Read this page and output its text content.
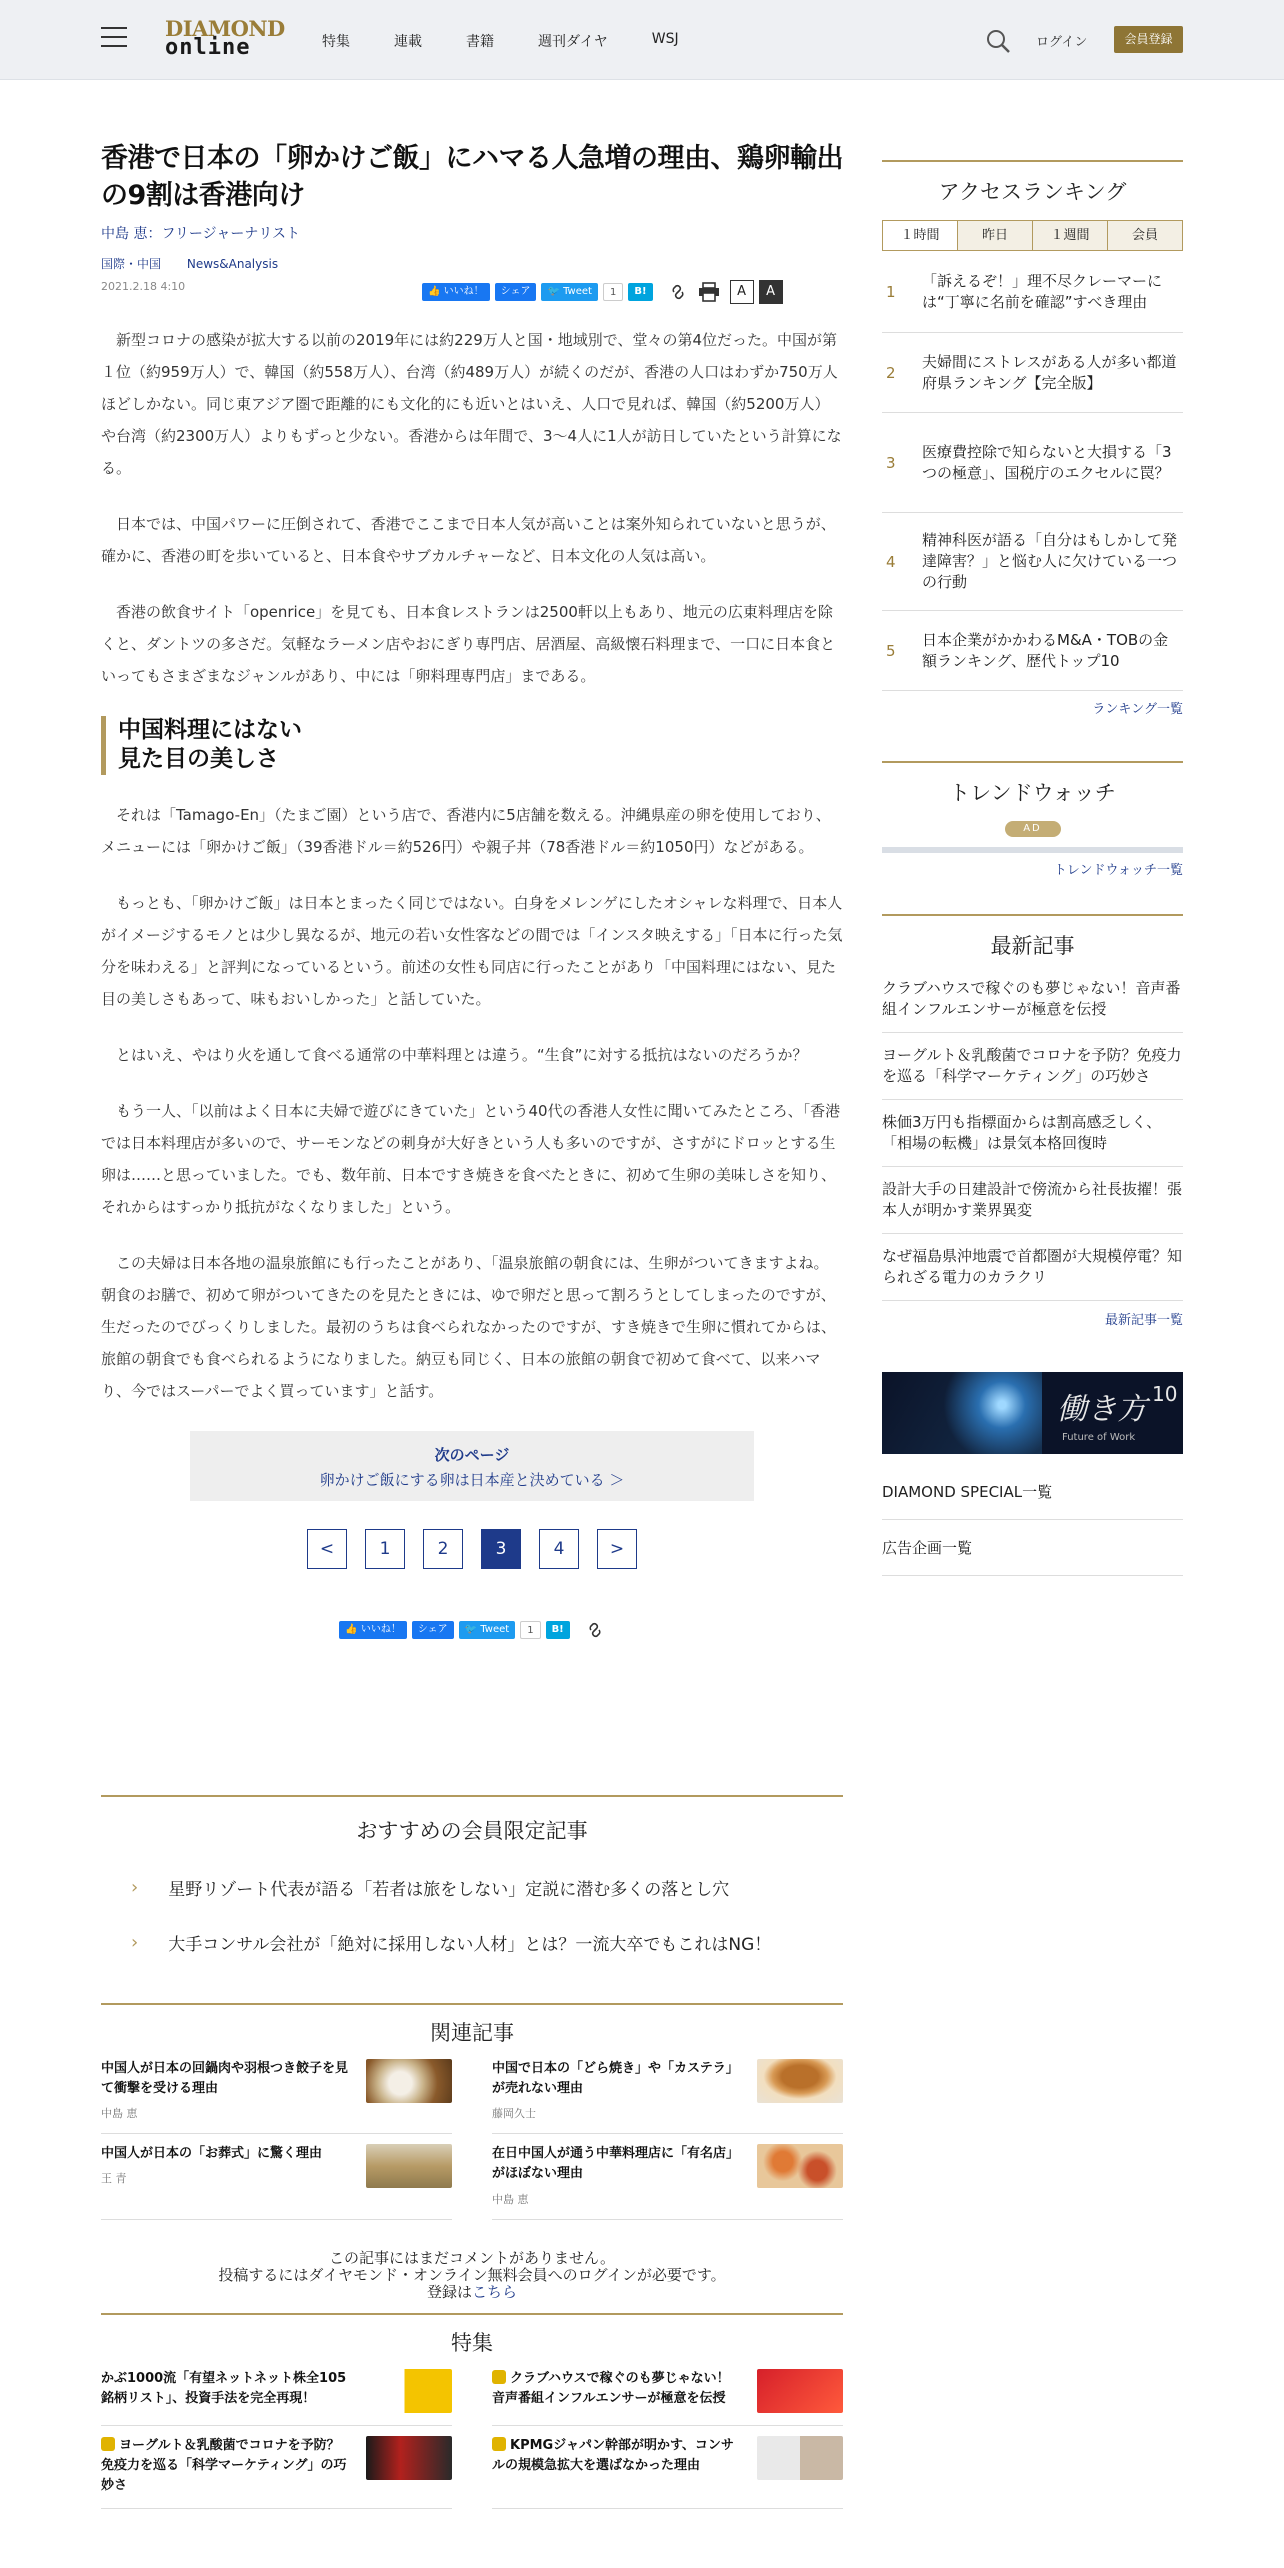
DIAMOND
online	特集	連載	書籍	週刊ダイヤ	WSJ	ログイン	会員登録
香港で日本の「卵かけご飯」にハマる人急増の理由、鶏卵輸出の9割は香港向け
中島 恵：フリージャーナリスト
国際・中国 News&Analysis
2021.2.18 4:10	👍 いいね！	シェア	🐦 Tweet	1	B!	A	A

新型コロナの感染が拡大する以前の2019年には約229万人と国・地域別で、堂々の第4位だった。中国が第１位（約959万人）で、韓国（約558万人）、台湾（約489万人）が続くのだが、香港の人口はわずか750万人ほどしかない。同じ東アジア圏で距離的にも文化的にも近いとはいえ、人口で見れば、韓国（約5200万人）や台湾（約2300万人）よりもずっと少ない。香港からは年間で、3～4人に1人が訪日していたという計算になる。

日本では、中国パワーに圧倒されて、香港でここまで日本人気が高いことは案外知られていないと思うが、確かに、香港の町を歩いていると、日本食やサブカルチャーなど、日本文化の人気は高い。

香港の飲食サイト「openrice」を見ても、日本食レストランは2500軒以上もあり、地元の広東料理店を除くと、ダントツの多さだ。気軽なラーメン店やおにぎり専門店、居酒屋、高級懐石料理まで、一口に日本食といってもさまざまなジャンルがあり、中には「卵料理専門店」まである。

中国料理にはない
見た目の美しさ

それは「Tamago-En」（たまご園）という店で、香港内に5店舗を数える。沖縄県産の卵を使用しており、メニューには「卵かけご飯」（39香港ドル＝約526円）や親子丼（78香港ドル＝約1050円）などがある。

もっとも、「卵かけご飯」は日本とまったく同じではない。白身をメレンゲにしたオシャレな料理で、日本人がイメージするモノとは少し異なるが、地元の若い女性客などの間では「インスタ映えする」「日本に行った気分を味わえる」と評判になっているという。前述の女性も同店に行ったことがあり「中国料理にはない、見た目の美しさもあって、味もおいしかった」と話していた。

とはいえ、やはり火を通して食べる通常の中華料理とは違う。“生食”に対する抵抗はないのだろうか？

もう一人、「以前はよく日本に夫婦で遊びにきていた」という40代の香港人女性に聞いてみたところ、「香港では日本料理店が多いので、サーモンなどの刺身が大好きという人も多いのですが、さすがにドロッとする生卵は……と思っていました。でも、数年前、日本ですき焼きを食べたときに、初めて生卵の美味しさを知り、それからはすっかり抵抗がなくなりました」という。

この夫婦は日本各地の温泉旅館にも行ったことがあり、「温泉旅館の朝食には、生卵がついてきますよね。朝食のお膳で、初めて卵がついてきたのを見たときには、ゆで卵だと思って割ろうとしてしまったのですが、生だったのでびっくりしました。最初のうちは食べられなかったのですが、すき焼きで生卵に慣れてからは、旅館の朝食でも食べられるようになりました。納豆も同じく、日本の旅館の朝食で初めて食べて、以来ハマり、今ではスーパーでよく買っています」と話す。

次のページ
卵かけご飯にする卵は日本産と決めている ＞
<	1	2	3	4	>
👍 いいね！	シェア	🐦 Tweet	1	B!
おすすめの会員限定記事
› 星野リゾート代表が語る「若者は旅をしない」定説に潜む多くの落とし穴
› 大手コンサル会社が「絶対に採用しない人材」とは？一流大卒でもこれはNG！
関連記事
中国人が日本の回鍋肉や羽根つき餃子を見て衝撃を受ける理由
中島 恵
中国で日本の「どら焼き」や「カステラ」が売れない理由
藤岡久士
中国人が日本の「お葬式」に驚く理由
王 青
在日中国人が通う中華料理店に「有名店」がほぼない理由
中島 恵
この記事にはまだコメントがありません。
投稿するにはダイヤモンド・オンライン無料会員へのログインが必要です。
登録はこちら
特集
かぶ1000流「有望ネットネット株全105銘柄リスト」、投資手法を完全再現！
クラブハウスで稼ぐのも夢じゃない！音声番組インフルエンサーが極意を伝授
ヨーグルト＆乳酸菌でコロナを予防？免疫力を巡る「科学マーケティング」の巧妙さ
KPMGジャパン幹部が明かす、コンサルの規模急拡大を選ばなかった理由
アクセスランキング
１時間	昨日	１週間	会員
1
「訴えるぞ！」理不尽クレーマーには“丁寧に名前を確認”すべき理由
2
夫婦間にストレスがある人が多い都道府県ランキング【完全版】
3
医療費控除で知らないと大損する「3つの極意」、国税庁のエクセルに罠？
4
精神科医が語る「自分はもしかして発達障害？」と悩む人に欠けている一つの行動
5
日本企業がかかわるM&A・TOBの金額ランキング、歴代トップ10
ランキング一覧
トレンドウォッチ
AD
トレンドウォッチ一覧
最新記事
クラブハウスで稼ぐのも夢じゃない！音声番組インフルエンサーが極意を伝授
ヨーグルト＆乳酸菌でコロナを予防？免疫力を巡る「科学マーケティング」の巧妙さ
株価3万円も指標面からは割高感乏しく、「相場の転機」は景気本格回復時
設計大手の日建設計で傍流から社長抜擢！張本人が明かす業界異変
なぜ福島県沖地震で首都圏が大規模停電？知られざる電力のカラクリ
最新記事一覧
働き方 10
Future of Work
DIAMOND SPECIAL一覧
広告企画一覧
